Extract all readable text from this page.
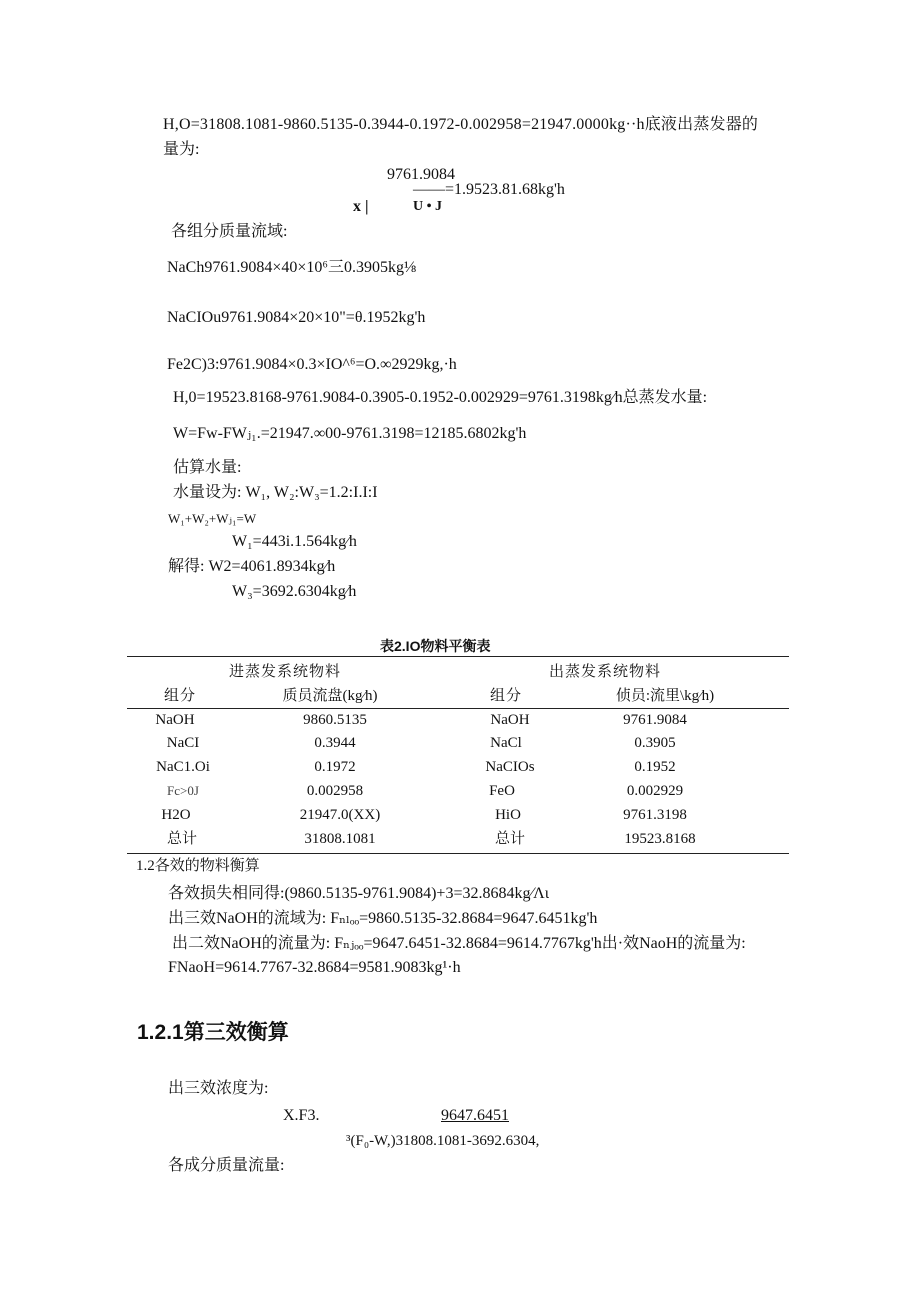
H,O=31808.1081-9860.5135-0.3944-0.1972-0.002958=21947.0000kg··h底液出蒸发器的
量为:
9761.9084
——=1.9523.81.68kg'h
x |	U • J
各组分质量流域:
NaCh9761.9084×40×10⁶三0.3905kg⅛
NaCIOu9761.9084×20×10"=θ.1952kg'h
Fe2C)3:9761.9084×0.3×IO^⁶=O.∞2929kg,·h
H,0=19523.8168-9761.9084-0.3905-0.1952-0.002929=9761.3198kg⁄h总蒸发水量:
W=Fw-FWⱼ₁.=21947.∞00-9761.3198=12185.6802kg'h
估算水量:
水量设为: W₁, W₂:W₃=1.2:I.I:I
W₁+W₂+Wⱼ₁=W
W₁=443i.1.564kg⁄h
解得: W2=4061.8934kg⁄h
W₃=3692.6304kg⁄h
表2.IO物料平衡表
进蒸发系统物料	出蒸发系统物料
组分	质员流盘(kg⁄h)	组分	侦员:流里\kg⁄h)
NaOH	9860.5135	NaOH	9761.9084
NaCI	0.3944	NaCl	0.3905
NaC1.Oi	0.1972	NaCIOs	0.1952
Fc>0J	0.002958	FeO	0.002929
H2O	21947.0(XX)	HiO	9761.3198
总计	31808.1081	总计	19523.8168
1.2各效的物料衡算
各效损失相同得:(9860.5135-9761.9084)+3=32.8684kg⁄Λι
出三效NaOH的流域为: Fₙₗₒₒ=9860.5135-32.8684=9647.6451kg'h
出二效NaOH的流量为: Fₙⱼₒₒ=9647.6451-32.8684=9614.7767kg'h出·效NaoH的流量为:
FNaoH=9614.7767-32.8684=9581.9083kg¹·h
1.2.1第三效衡算
出三效浓度为:
X.F3.	9647.6451
³(F₀-W,)31808.1081-3692.6304,
各成分质量流量:
